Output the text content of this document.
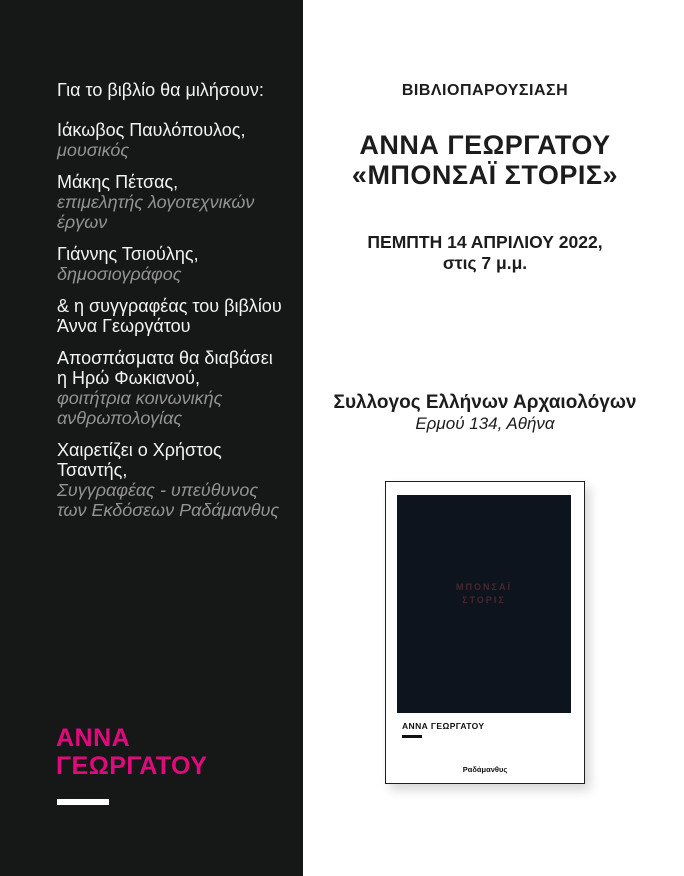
Για το βιβλίο θα μιλήσουν:
Ιάκωβος Παυλόπουλος,
μουσικός
Μάκης Πέτσας,
επιμελητής λογοτεχνικών έργων
Γιάννης Τσιούλης,
δημοσιογράφος
& η συγγραφέας του βιβλίου
Άννα Γεωργάτου
Αποσπάσματα θα διαβάσει
η Ηρώ Φωκιανού,
φοιτήτρια κοινωνικής
ανθρωπολογίας
Χαιρετίζει ο Χρήστος Τσαντής,
Συγγραφέας - υπεύθυνος
των Εκδόσεων Ραδάμανθυς
ΑΝΝΑ
ΓΕΩΡΓΑΤΟΥ
ΒΙΒΛΙΟΠΑΡΟΥΣΙΑΣΗ
ΑΝΝΑ ΓΕΩΡΓΑΤΟΥ
«ΜΠΟΝΣΑΪ ΣΤΟΡΙΣ»
ΠΕΜΠΤΗ 14 ΑΠΡΙΛΙΟΥ 2022,
στις 7 μ.μ.
Συλλογος Ελλήνων Αρχαιολόγων
Ερμού 134, Αθήνα
ΜΠΟΝΣΑΪ
ΣΤΟΡΙΣ
ΑΝΝΑ ΓΕΩΡΓΑΤΟΥ
Ραδάμανθυς
